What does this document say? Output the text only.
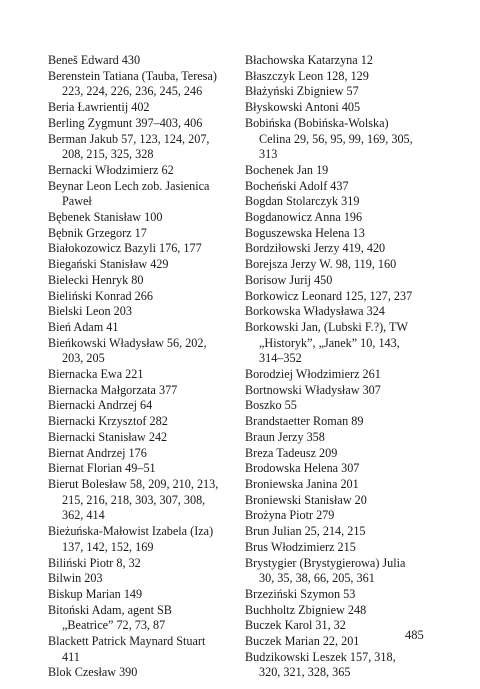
Beneš Edward 430
Berenstein Tatiana (Tauba, Teresa)
223, 224, 226, 236, 245, 246
Beria Ławrientij 402
Berling Zygmunt 397–403, 406
Berman Jakub 57, 123, 124, 207,
208, 215, 325, 328
Bernacki Włodzimierz 62
Beynar Leon Lech zob. Jasienica
Paweł
Bębenek Stanisław 100
Bębnik Grzegorz 17
Białokozowicz Bazyli 176, 177
Biegański Stanisław 429
Bielecki Henryk 80
Bieliński Konrad 266
Bielski Leon 203
Bień Adam 41
Bieńkowski Władysław 56, 202,
203, 205
Biernacka Ewa 221
Biernacka Małgorzata 377
Biernacki Andrzej 64
Biernacki Krzysztof 282
Biernacki Stanisław 242
Biernat Andrzej 176
Biernat Florian 49–51
Bierut Bolesław 58, 209, 210, 213,
215, 216, 218, 303, 307, 308,
362, 414
Bieżuńska-Małowist Izabela (Iza)
137, 142, 152, 169
Biliński Piotr 8, 32
Bilwin 203
Biskup Marian 149
Bitoński Adam, agent SB
„Beatrice” 72, 73, 87
Blackett Patrick Maynard Stuart
411
Blok Czesław 390
Błachowska Katarzyna 12
Błaszczyk Leon 128, 129
Błażyński Zbigniew 57
Błyskowski Antoni 405
Bobińska (Bobińska-Wolska)
Celina 29, 56, 95, 99, 169, 305,
313
Bochenek Jan 19
Bocheński Adolf 437
Bogdan Stolarczyk 319
Bogdanowicz Anna 196
Boguszewska Helena 13
Bordziłowski Jerzy 419, 420
Borejsza Jerzy W. 98, 119, 160
Borisow Jurij 450
Borkowicz Leonard 125, 127, 237
Borkowska Władysława 324
Borkowski Jan, (Lubski F.?), TW
„Historyk”, „Janek” 10, 143,
314–352
Borodziej Włodzimierz 261
Bortnowski Władysław 307
Boszko 55
Brandstaetter Roman 89
Braun Jerzy 358
Breza Tadeusz 209
Brodowska Helena 307
Broniewska Janina 201
Broniewski Stanisław 20
Brożyna Piotr 279
Brun Julian 25, 214, 215
Brus Włodzimierz 215
Brystygier (Brystygierowa) Julia
30, 35, 38, 66, 205, 361
Brzeziński Szymon 53
Buchholtz Zbigniew 248
Buczek Karol 31, 32
Buczek Marian 22, 201
Budzikowski Leszek 157, 318,
320, 321, 328, 365
485
